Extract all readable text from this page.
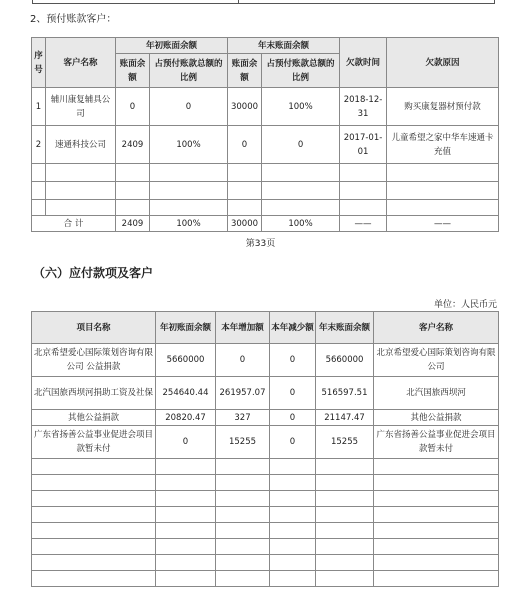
2、预付账款客户：
序号	客户名称	年初账面余额		年末账面余额		欠款时间	欠款原因
		账面余额	占预付账款总额的比例	账面余额	占预付账款总额的比例		
1	辅川康复辅具公司	0	0	30000	100%	2018-12-31	购买康复器材预付款
2	速通科技公司	2409	100%	0	0	2017-01-01	儿童希望之家中华车速通卡充值

合 计		2409	100%	30000	100%	——	——
第33页
（六）应付款项及客户
单位：人民币元
项目名称	年初账面余额	本年增加额	本年减少额	年末账面余额	客户名称
北京希望爱心国际策划咨询有限公司 公益捐款	5660000	0	0	5660000	北京希望爱心国际策划咨询有限公司
北汽国旅西坝河捐助工资及社保	254640.44	261957.07	0	516597.51	北汽国旅西坝河
其他公益捐款	20820.47	327	0	21147.47	其他公益捐款
广东省扬善公益事业促进会项目款暂未付	0	15255	0	15255	广东省扬善公益事业促进会项目款暂未付
